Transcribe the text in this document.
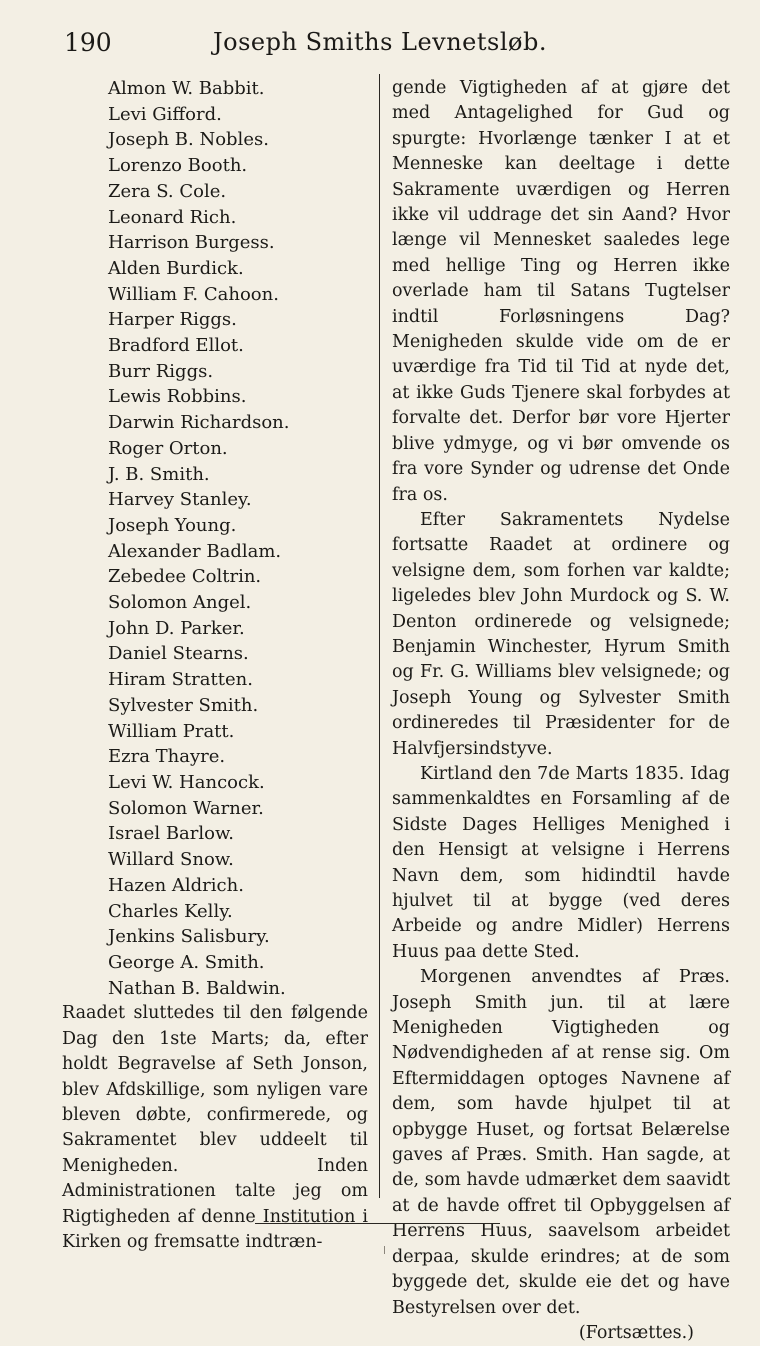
190	Joseph Smiths Levnetsløb.
Almon W. Babbit.
Levi Gifford.
Joseph B. Nobles.
Lorenzo Booth.
Zera S. Cole.
Leonard Rich.
Harrison Burgess.
Alden Burdick.
William F. Cahoon.
Harper Riggs.
Bradford Ellot.
Burr Riggs.
Lewis Robbins.
Darwin Richardson.
Roger Orton.
J. B. Smith.
Harvey Stanley.
Joseph Young.
Alexander Badlam.
Zebedee Coltrin.
Solomon Angel.
John D. Parker.
Daniel Stearns.
Hiram Stratten.
Sylvester Smith.
William Pratt.
Ezra Thayre.
Levi W. Hancock.
Solomon Warner.
Israel Barlow.
Willard Snow.
Hazen Aldrich.
Charles Kelly.
Jenkins Salisbury.
George A. Smith.
Nathan B. Baldwin.

Raadet sluttedes til den følgende Dag den 1ste Marts; da, efter holdt Begravelse af Seth Jonson, blev Afdskillige, som nyligen vare bleven døbte, confirmerede, og Sakramentet blev uddeelt til Menigheden. Inden Administrationen talte jeg om Rigtigheden af denne Institution i Kirken og fremsatte indtræn-

gende Vigtigheden af at gjøre det med Antagelighed for Gud og spurgte: Hvorlænge tænker I at et Menneske kan deeltage i dette Sakramente uværdigen og Herren ikke vil uddrage det sin Aand? Hvor længe vil Mennesket saaledes lege med hellige Ting og Herren ikke overlade ham til Satans Tugtelser indtil Forløsningens Dag? Menigheden skulde vide om de er uværdige fra Tid til Tid at nyde det, at ikke Guds Tjenere skal forbydes at forvalte det. Derfor bør vore Hjerter blive ydmyge, og vi bør omvende os fra vore Synder og udrense det Onde fra os.

Efter Sakramentets Nydelse fortsatte Raadet at ordinere og velsigne dem, som forhen var kaldte; ligeledes blev John Murdock og S. W. Denton ordinerede og velsignede; Benjamin Winchester, Hyrum Smith og Fr. G. Williams blev velsignede; og Joseph Young og Sylvester Smith ordineredes til Præsidenter for de Halvfjersindstyve.

Kirtland den 7de Marts 1835. Idag sammenkaldtes en Forsamling af de Sidste Dages Helliges Menighed i den Hensigt at velsigne i Herrens Navn dem, som hidindtil havde hjulvet til at bygge (ved deres Arbeide og andre Midler) Herrens Huus paa dette Sted.

Morgenen anvendtes af Præs. Joseph Smith jun. til at lære Menigheden Vigtigheden og Nødvendigheden af at rense sig. Om Eftermiddagen optoges Navnene af dem, som havde hjulpet til at opbygge Huset, og fortsat Belærelse gaves af Præs. Smith. Han sagde, at de, som havde udmærket dem saavidt at de havde offret til Opbyggelsen af Herrens Huus, saavelsom arbeidet derpaa, skulde erindres; at de som byggede det, skulde eie det og have Bestyrelsen over det.

(Fortsættes.)
